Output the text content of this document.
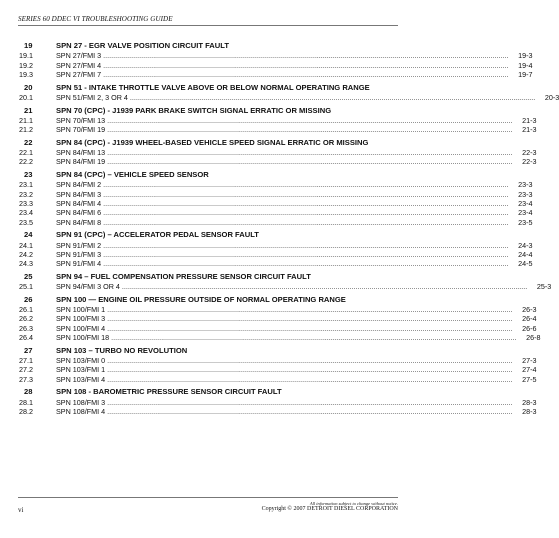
SERIES 60 DDEC VI TROUBLESHOOTING GUIDE
19	SPN 27 - EGR VALVE POSITION CIRCUIT FAULT
19.1	SPN 27/FMI 3 ...........................................................................................................................................................................................................	19-3
19.2	SPN 27/FMI 4 ...........................................................................................................................................................................................................	19-4
19.3	SPN 27/FMI 7 ...........................................................................................................................................................................................................	19-7
20	SPN 51 - INTAKE THROTTLE VALVE ABOVE OR BELOW NORMAL OPERATING RANGE
20.1	SPN 51/FMI 2, 3 OR 4 ...........................................................................................................................................................................................................	20-3
21	SPN 70 (CPC) - J1939 PARK BRAKE SWITCH SIGNAL ERRATIC OR MISSING
21.1	SPN 70/FMI 13 ...........................................................................................................................................................................................................	21-3
21.2	SPN 70/FMI 19 ...........................................................................................................................................................................................................	21-3
22	SPN 84 (CPC) - J1939 WHEEL-BASED VEHICLE SPEED SIGNAL ERRATIC OR MISSING
22.1	SPN 84/FMI 13 ...........................................................................................................................................................................................................	22-3
22.2	SPN 84/FMI 19 ...........................................................................................................................................................................................................	22-3
23	SPN 84 (CPC) – VEHICLE SPEED SENSOR
23.1	SPN 84/FMI 2 ...........................................................................................................................................................................................................	23-3
23.2	SPN 84/FMI 3 ...........................................................................................................................................................................................................	23-3
23.3	SPN 84/FMI 4 ...........................................................................................................................................................................................................	23-4
23.4	SPN 84/FMI 6 ...........................................................................................................................................................................................................	23-4
23.5	SPN 84/FMI 8 ...........................................................................................................................................................................................................	23-5
24	SPN 91 (CPC) – ACCELERATOR PEDAL SENSOR FAULT
24.1	SPN 91/FMI 2 ...........................................................................................................................................................................................................	24-3
24.2	SPN 91/FMI 3 ...........................................................................................................................................................................................................	24-4
24.3	SPN 91/FMI 4 ...........................................................................................................................................................................................................	24-5
25	SPN 94 – FUEL COMPENSATION PRESSURE SENSOR CIRCUIT FAULT
25.1	SPN 94/FMI 3 OR 4 ...........................................................................................................................................................................................................	25-3
26	SPN 100 — ENGINE OIL PRESSURE OUTSIDE OF NORMAL OPERATING RANGE
26.1	SPN 100/FMI 1 ...........................................................................................................................................................................................................	26-3
26.2	SPN 100/FMI 3 ...........................................................................................................................................................................................................	26-4
26.3	SPN 100/FMI 4 ...........................................................................................................................................................................................................	26-6
26.4	SPN 100/FMI 18 ...........................................................................................................................................................................................................	26-8
27	SPN 103 – TURBO NO REVOLUTION
27.1	SPN 103/FMI 0 ...........................................................................................................................................................................................................	27-3
27.2	SPN 103/FMI 1 ...........................................................................................................................................................................................................	27-4
27.3	SPN 103/FMI 4 ...........................................................................................................................................................................................................	27-5
28	SPN 108 - BAROMETRIC PRESSURE SENSOR CIRCUIT FAULT
28.1	SPN 108/FMI 3 ...........................................................................................................................................................................................................	28-3
28.2	SPN 108/FMI 4 ...........................................................................................................................................................................................................	28-3
vi
All information subject to change without notice.
Copyright © 2007 DETROIT DIESEL CORPORATION
